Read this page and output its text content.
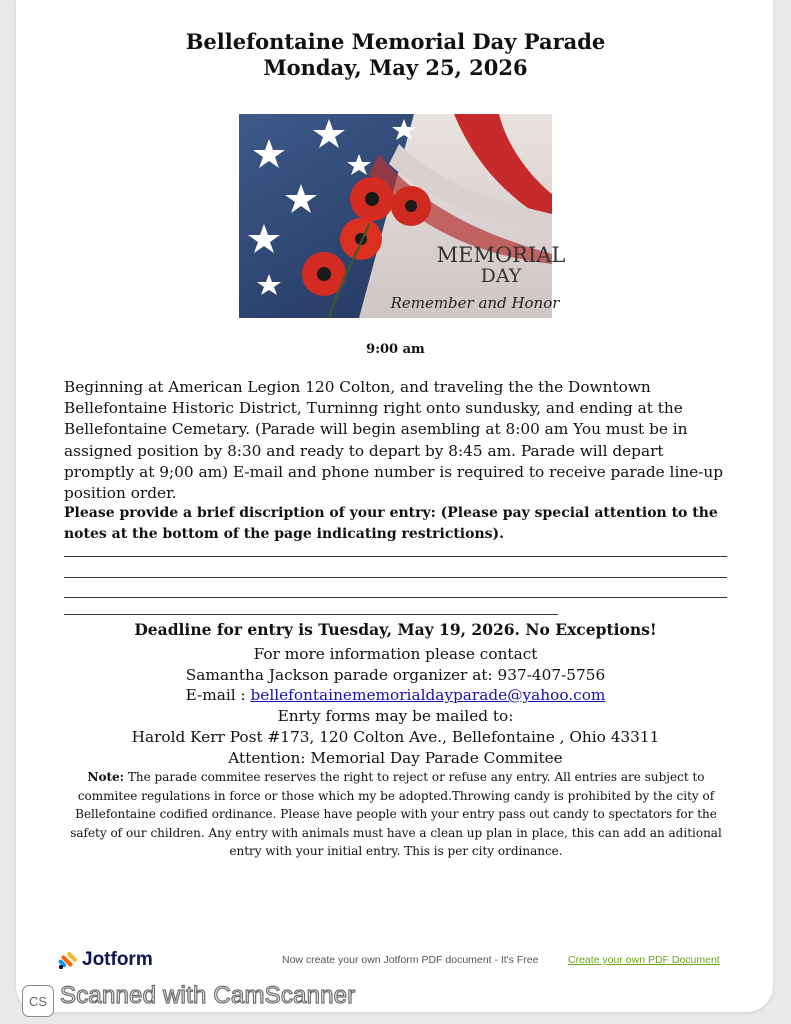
Bellefontaine Memorial Day Parade
Monday, May 25, 2026
MEMORIAL
DAY
Remember and Honor
9:00 am
Beginning at American Legion 120 Colton, and traveling the the Downtown Bellefontaine Historic District, Turninng right onto sundusky, and ending at the Bellefontaine Cemetary. (Parade will begin asembling at 8:00 am You must be in assigned position by 8:30 and ready to depart by 8:45 am. Parade will depart promptly at 9;00 am) E-mail and phone number is required to receive parade line-up position order.
Please provide a brief discription of your entry: (Please pay special attention to the notes at the bottom of the page indicating restrictions).
Deadline for entry is Tuesday, May 19, 2026. No Exceptions!
For more information please contact
Samantha Jackson parade organizer at: 937-407-5756
E-mail : bellefontainememorialdayparade@yahoo.com
Enrty forms may be mailed to:
Harold Kerr Post #173, 120 Colton Ave., Bellefontaine , Ohio 43311
Attention: Memorial Day Parade Commitee
Note: The parade commitee reserves the right to reject or refuse any entry. All entries are subject to commitee regulations in force or those which my be adopted.Throwing candy is prohibited by the city of Bellefontaine codified ordinance. Please have people with your entry pass out candy to spectators for the safety of our children. Any entry with animals must have a clean up plan in place, this can add an aditional entry with your initial entry. This is per city ordinance.
Jotform	Now create your own Jotform PDF document - It's Free	Create your own PDF Document
CS Scanned with CamScanner
